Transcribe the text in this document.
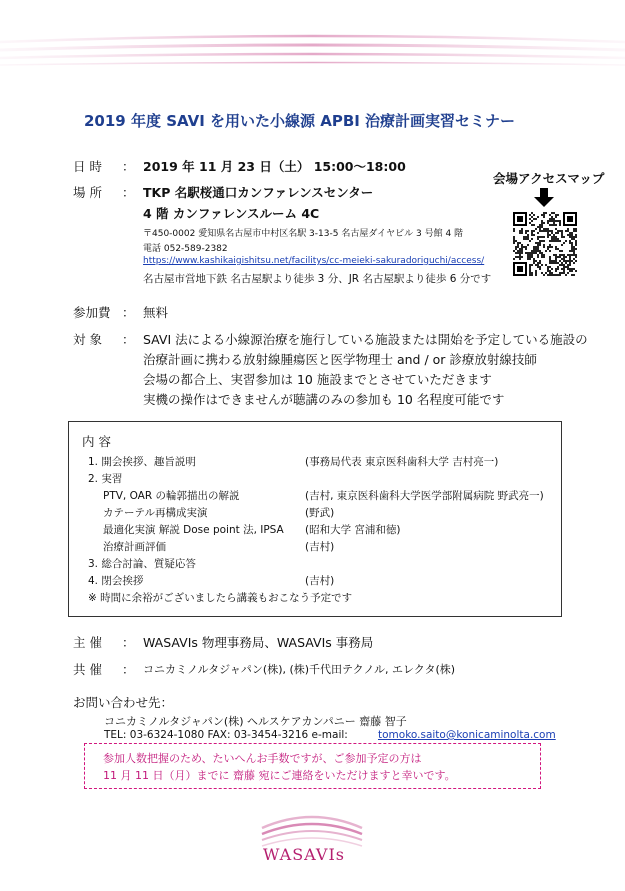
2019 年度 SAVI を用いた小線源 APBI 治療計画実習セミナー
日 時 ： 2019 年 11 月 23 日（土） 15:00～18:00
場 所 ： TKP 名駅桜通口カンファレンスセンター
4 階 カンファレンスルーム 4C
〒450-0002 愛知県名古屋市中村区名駅 3-13-5 名古屋ダイヤビル 3 号館 4 階
電話 052-589-2382
https://www.kashikaigishitsu.net/facilitys/cc-meieki-sakuradoriguchi/access/
名古屋市営地下鉄 名古屋駅より徒歩 3 分、JR 名古屋駅より徒歩 6 分です
会場アクセスマップ
参加費 ： 無料
対 象 ： SAVI 法による小線源治療を施行している施設または開始を予定している施設の
治療計画に携わる放射線腫瘍医と医学物理士 and / or 診療放射線技師
会場の都合上、実習参加は 10 施設までとさせていただきます
実機の操作はできませんが聴講のみの参加も 10 名程度可能です
内 容
1. 開会挨拶、趣旨説明	(事務局代表 東京医科歯科大学 吉村亮一)
2. 実習
PTV, OAR の輪郭描出の解説	(吉村, 東京医科歯科大学医学部附属病院 野武亮一)
カテーテル再構成実演	(野武)
最適化実演 解説 Dose point 法, IPSA (昭和大学 宮浦和徳)
治療計画評価	(吉村)
3. 総合討論、質疑応答
4. 閉会挨拶	(吉村)
※ 時間に余裕がございましたら講義もおこなう予定です
主 催 ： WASAVIs 物理事務局、WASAVIs 事務局
共 催 ： コニカミノルタジャパン(株), (株)千代田テクノル, エレクタ(株)
お問い合わせ先：
コニカミノルタジャパン(株) ヘルスケアカンパニー 齋藤 智子
TEL: 03-6324-1080 FAX: 03-3454-3216 e-mail:	tomoko.saito@konicaminolta.com
参加人数把握のため、たいへんお手数ですが、ご参加予定の方は
11 月 11 日（月）までに 齋藤 宛にご連絡をいただけますと幸いです。
WASAVIs
